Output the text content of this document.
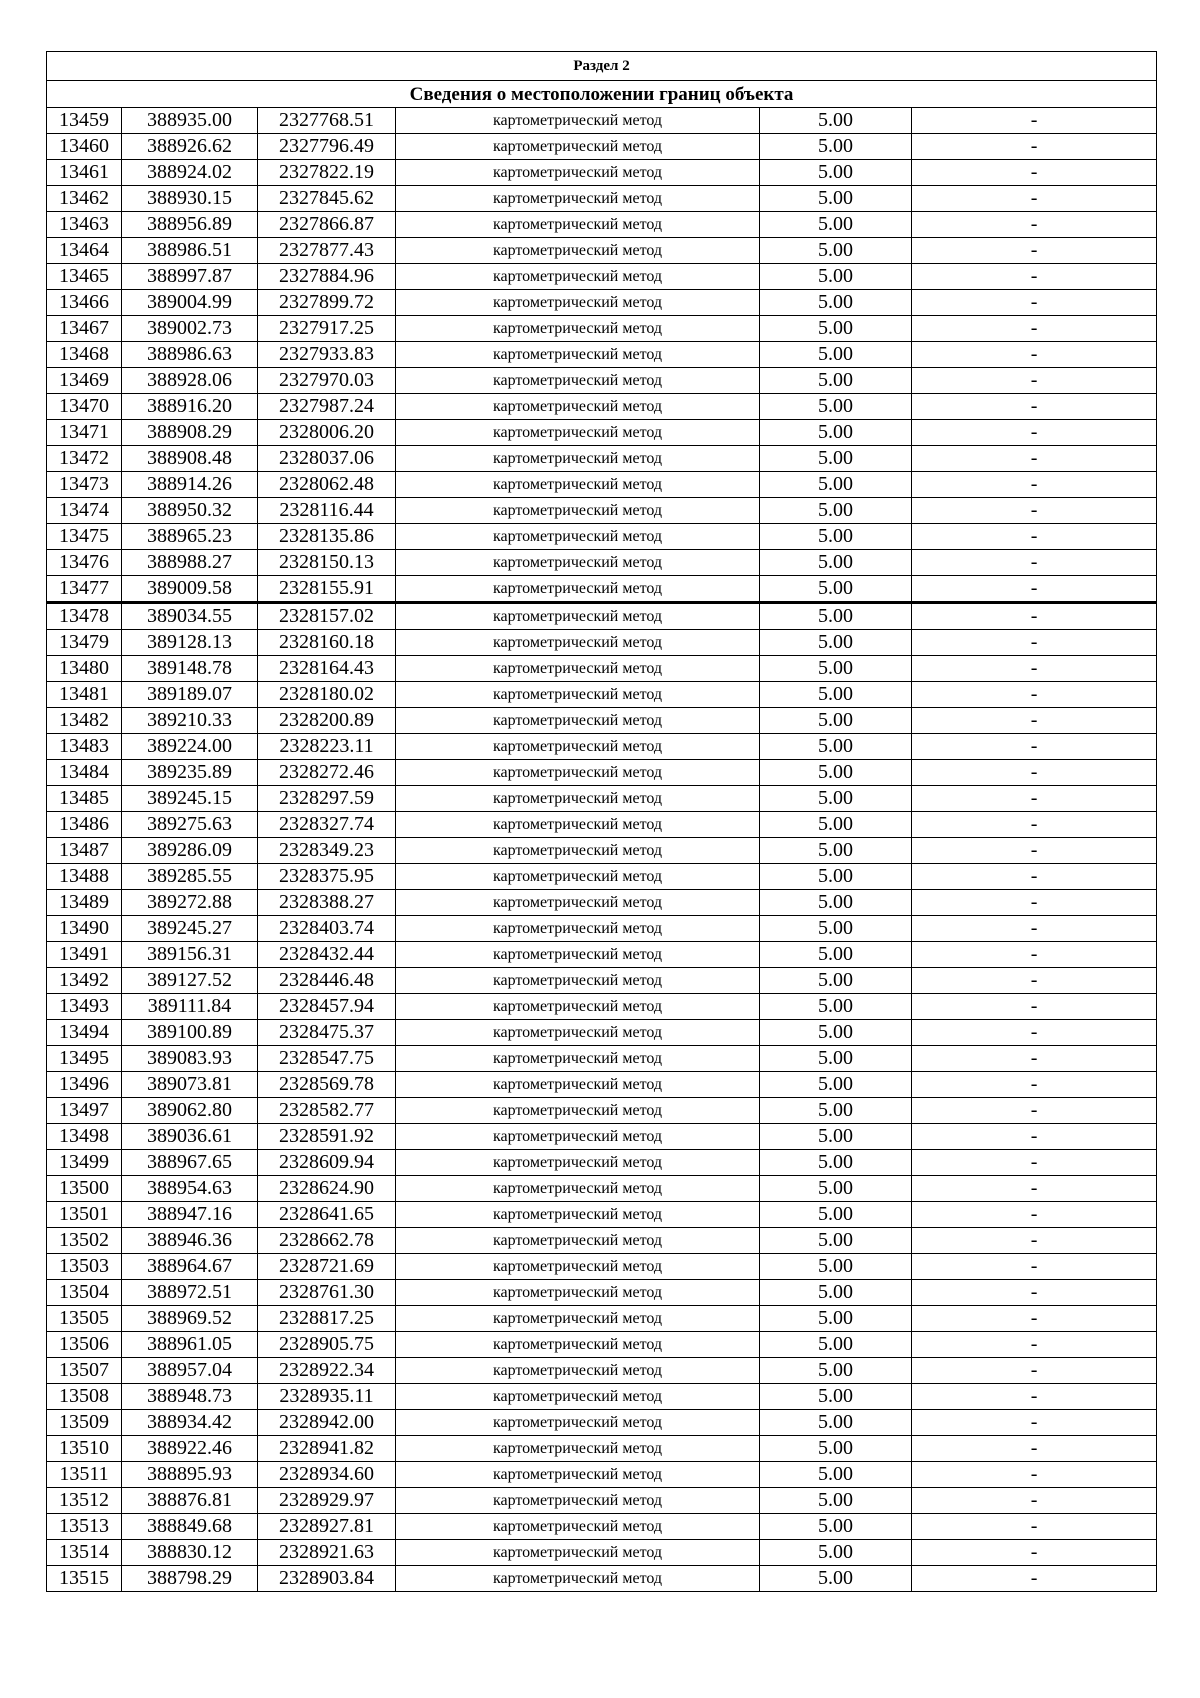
Раздел 2					
Сведения о местоположении границ объекта					
13459	388935.00	2327768.51	картометрический метод	5.00	-
13460	388926.62	2327796.49	картометрический метод	5.00	-
13461	388924.02	2327822.19	картометрический метод	5.00	-
13462	388930.15	2327845.62	картометрический метод	5.00	-
13463	388956.89	2327866.87	картометрический метод	5.00	-
13464	388986.51	2327877.43	картометрический метод	5.00	-
13465	388997.87	2327884.96	картометрический метод	5.00	-
13466	389004.99	2327899.72	картометрический метод	5.00	-
13467	389002.73	2327917.25	картометрический метод	5.00	-
13468	388986.63	2327933.83	картометрический метод	5.00	-
13469	388928.06	2327970.03	картометрический метод	5.00	-
13470	388916.20	2327987.24	картометрический метод	5.00	-
13471	388908.29	2328006.20	картометрический метод	5.00	-
13472	388908.48	2328037.06	картометрический метод	5.00	-
13473	388914.26	2328062.48	картометрический метод	5.00	-
13474	388950.32	2328116.44	картометрический метод	5.00	-
13475	388965.23	2328135.86	картометрический метод	5.00	-
13476	388988.27	2328150.13	картометрический метод	5.00	-
13477	389009.58	2328155.91	картометрический метод	5.00	-
13478	389034.55	2328157.02	картометрический метод	5.00	-
13479	389128.13	2328160.18	картометрический метод	5.00	-
13480	389148.78	2328164.43	картометрический метод	5.00	-
13481	389189.07	2328180.02	картометрический метод	5.00	-
13482	389210.33	2328200.89	картометрический метод	5.00	-
13483	389224.00	2328223.11	картометрический метод	5.00	-
13484	389235.89	2328272.46	картометрический метод	5.00	-
13485	389245.15	2328297.59	картометрический метод	5.00	-
13486	389275.63	2328327.74	картометрический метод	5.00	-
13487	389286.09	2328349.23	картометрический метод	5.00	-
13488	389285.55	2328375.95	картометрический метод	5.00	-
13489	389272.88	2328388.27	картометрический метод	5.00	-
13490	389245.27	2328403.74	картометрический метод	5.00	-
13491	389156.31	2328432.44	картометрический метод	5.00	-
13492	389127.52	2328446.48	картометрический метод	5.00	-
13493	389111.84	2328457.94	картометрический метод	5.00	-
13494	389100.89	2328475.37	картометрический метод	5.00	-
13495	389083.93	2328547.75	картометрический метод	5.00	-
13496	389073.81	2328569.78	картометрический метод	5.00	-
13497	389062.80	2328582.77	картометрический метод	5.00	-
13498	389036.61	2328591.92	картометрический метод	5.00	-
13499	388967.65	2328609.94	картометрический метод	5.00	-
13500	388954.63	2328624.90	картометрический метод	5.00	-
13501	388947.16	2328641.65	картометрический метод	5.00	-
13502	388946.36	2328662.78	картометрический метод	5.00	-
13503	388964.67	2328721.69	картометрический метод	5.00	-
13504	388972.51	2328761.30	картометрический метод	5.00	-
13505	388969.52	2328817.25	картометрический метод	5.00	-
13506	388961.05	2328905.75	картометрический метод	5.00	-
13507	388957.04	2328922.34	картометрический метод	5.00	-
13508	388948.73	2328935.11	картометрический метод	5.00	-
13509	388934.42	2328942.00	картометрический метод	5.00	-
13510	388922.46	2328941.82	картометрический метод	5.00	-
13511	388895.93	2328934.60	картометрический метод	5.00	-
13512	388876.81	2328929.97	картометрический метод	5.00	-
13513	388849.68	2328927.81	картометрический метод	5.00	-
13514	388830.12	2328921.63	картометрический метод	5.00	-
13515	388798.29	2328903.84	картометрический метод	5.00	-
